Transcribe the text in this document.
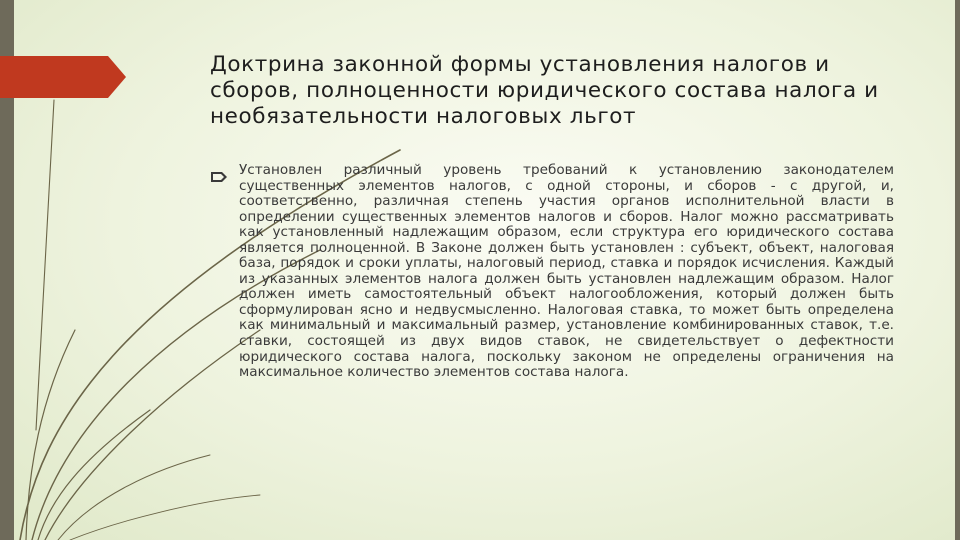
Доктрина законной формы установления налогов и сборов, полноценности юридического состава налога и необязательности налоговых льгот

Установлен различный уровень требований к установлению законодателем существенных элементов налогов, с одной стороны, и сборов - с другой, и, соответственно, различная степень участия органов исполнительной власти в определении существенных элементов налогов и сборов. Налог можно рассматривать как установленный надлежащим образом, если структура его юридического состава является полноценной. В Законе должен быть установлен : субъект, объект, налоговая база, порядок и сроки уплаты, налоговый период, ставка и порядок исчисления. Каждый из указанных элементов налога должен быть установлен надлежащим образом. Налог должен иметь самостоятельный объект налогообложения, который должен быть сформулирован ясно и недвусмысленно. Налоговая ставка, то может быть определена как минимальный и максимальный размер, установление комбинированных ставок, т.е. ставки, состоящей из двух видов ставок, не свидетельствует о дефектности юридического состава налога, поскольку законом не определены ограничения на максимальное количество элементов состава налога.
